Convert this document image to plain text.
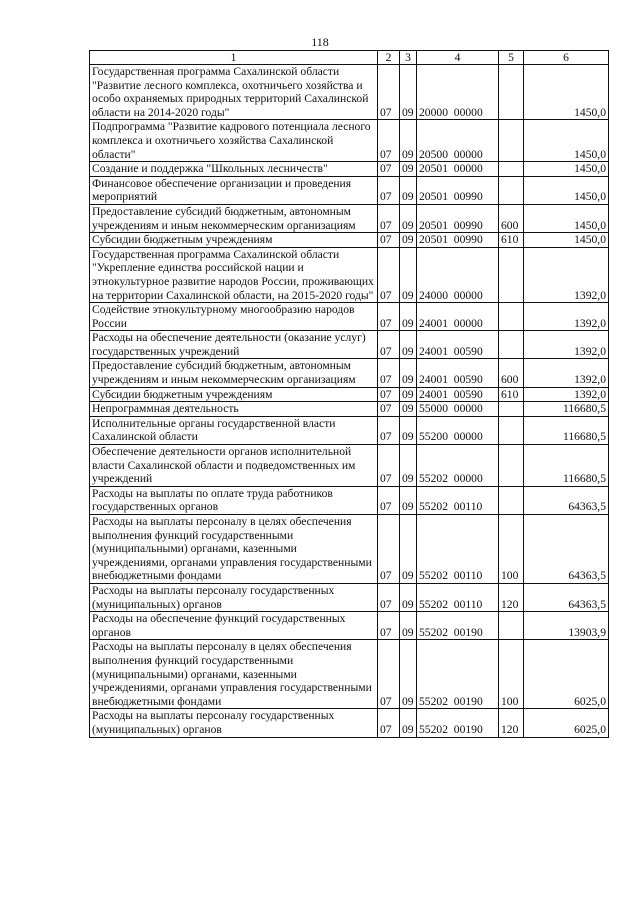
118
1	2	3	4	5	6
Государственная программа Сахалинской области "Развитие лесного комплекса, охотничьего хозяйства и особо охраняемых природных территорий Сахалинской области на 2014-2020 годы"	07	09	20000  00000		1450,0
Подпрограмма "Развитие кадрового потенциала лесного комплекса и охотничьего хозяйства Сахалинской области"	07	09	20500  00000		1450,0
Создание и поддержка "Школьных лесничеств"	07	09	20501  00000		1450,0
Финансовое обеспечение организации и проведения мероприятий	07	09	20501  00990		1450,0
Предоставление субсидий бюджетным, автономным учреждениям и иным некоммерческим организациям	07	09	20501  00990	600	1450,0
Субсидии бюджетным учреждениям	07	09	20501  00990	610	1450,0
Государственная программа Сахалинской области "Укрепление единства российской нации и этнокультурное развитие народов России, проживающих на территории Сахалинской области, на 2015-2020 годы"	07	09	24000  00000		1392,0
Содействие этнокультурному многообразию народов России	07	09	24001  00000		1392,0
Расходы на обеспечение деятельности (оказание услуг) государственных учреждений	07	09	24001  00590		1392,0
Предоставление субсидий бюджетным, автономным учреждениям и иным некоммерческим организациям	07	09	24001  00590	600	1392,0
Субсидии бюджетным учреждениям	07	09	24001  00590	610	1392,0
Непрограммная деятельность	07	09	55000  00000		116680,5
Исполнительные органы государственной власти Сахалинской области	07	09	55200  00000		116680,5
Обеспечение деятельности органов исполнительной власти Сахалинской области и подведомственных им учреждений	07	09	55202  00000		116680,5
Расходы на выплаты по оплате труда работников государственных органов	07	09	55202  00110		64363,5
Расходы на выплаты персоналу в целях обеспечения выполнения функций государственными (муниципальными) органами, казенными учреждениями, органами управления государственными внебюджетными фондами	07	09	55202  00110	100	64363,5
Расходы на выплаты персоналу государственных (муниципальных) органов	07	09	55202  00110	120	64363,5
Расходы на обеспечение функций государственных органов	07	09	55202  00190		13903,9
Расходы на выплаты персоналу в целях обеспечения выполнения функций государственными (муниципальными) органами, казенными учреждениями, органами управления государственными внебюджетными фондами	07	09	55202  00190	100	6025,0
Расходы на выплаты персоналу государственных (муниципальных) органов	07	09	55202  00190	120	6025,0
